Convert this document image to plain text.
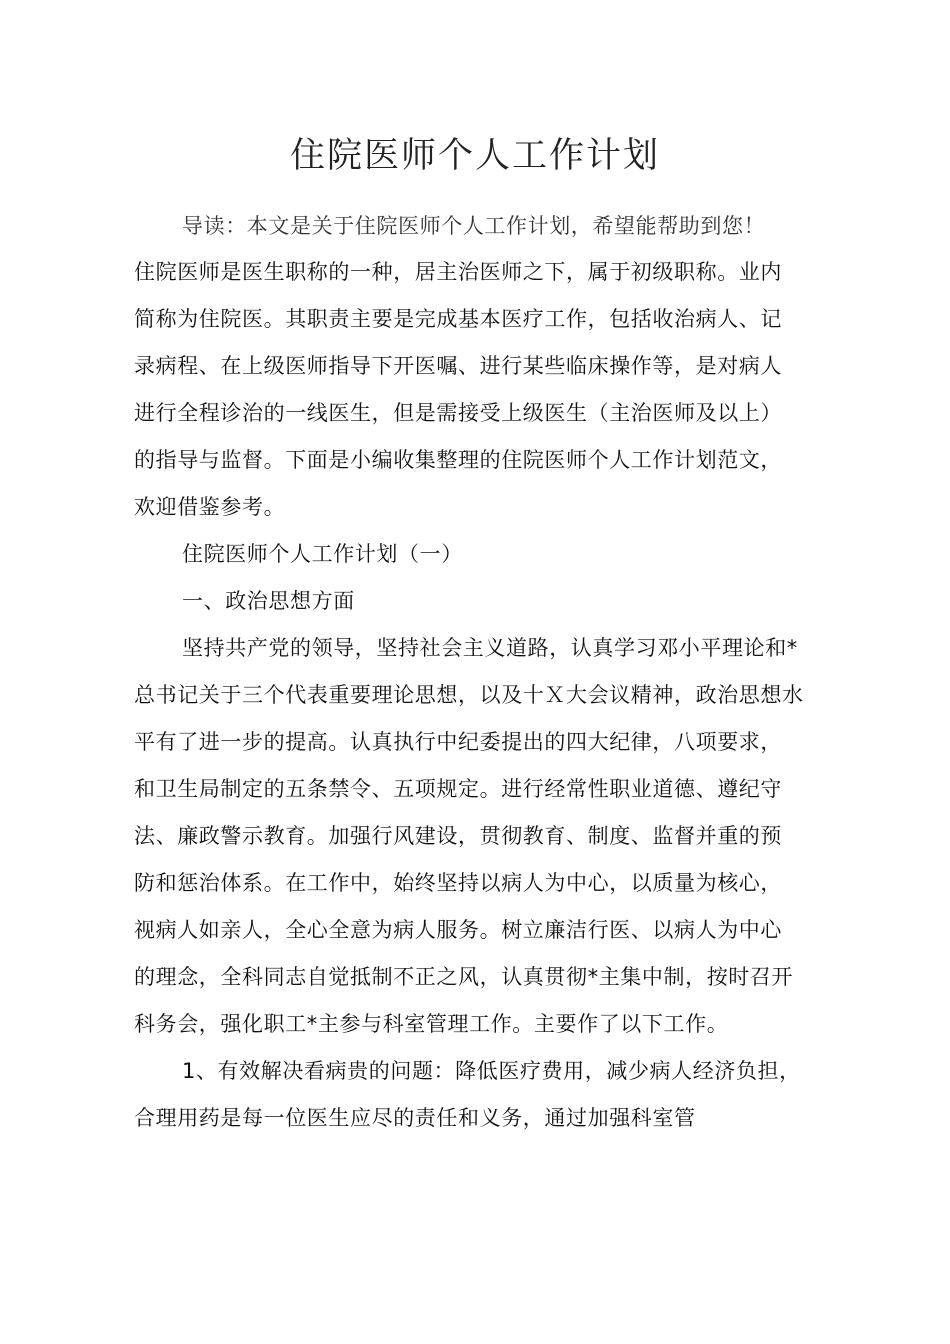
住院医师个人工作计划
导读：本文是关于住院医师个人工作计划，希望能帮助到您！
住院医师是医生职称的一种，居主治医师之下，属于初级职称。业内
简称为住院医。其职责主要是完成基本医疗工作，包括收治病人、记
录病程、在上级医师指导下开医嘱、进行某些临床操作等，是对病人
进行全程诊治的一线医生，但是需接受上级医生（主治医师及以上）
的指导与监督。下面是小编收集整理的住院医师个人工作计划范文，
欢迎借鉴参考。
住院医师个人工作计划（一）
一、政治思想方面
坚持共产党的领导，坚持社会主义道路，认真学习邓小平理论和*
总书记关于三个代表重要理论思想，以及十Ｘ大会议精神，政治思想水
平有了进一步的提高。认真执行中纪委提出的四大纪律，八项要求，
和卫生局制定的五条禁令、五项规定。进行经常性职业道德、遵纪守
法、廉政警示教育。加强行风建设，贯彻教育、制度、监督并重的预
防和惩治体系。在工作中，始终坚持以病人为中心，以质量为核心，
视病人如亲人，全心全意为病人服务。树立廉洁行医、以病人为中心
的理念，全科同志自觉抵制不正之风，认真贯彻*主集中制，按时召开
科务会，强化职工*主参与科室管理工作。主要作了以下工作。
1、有效解决看病贵的问题：降低医疗费用，减少病人经济负担，
合理用药是每一位医生应尽的责任和义务，通过加强科室管
